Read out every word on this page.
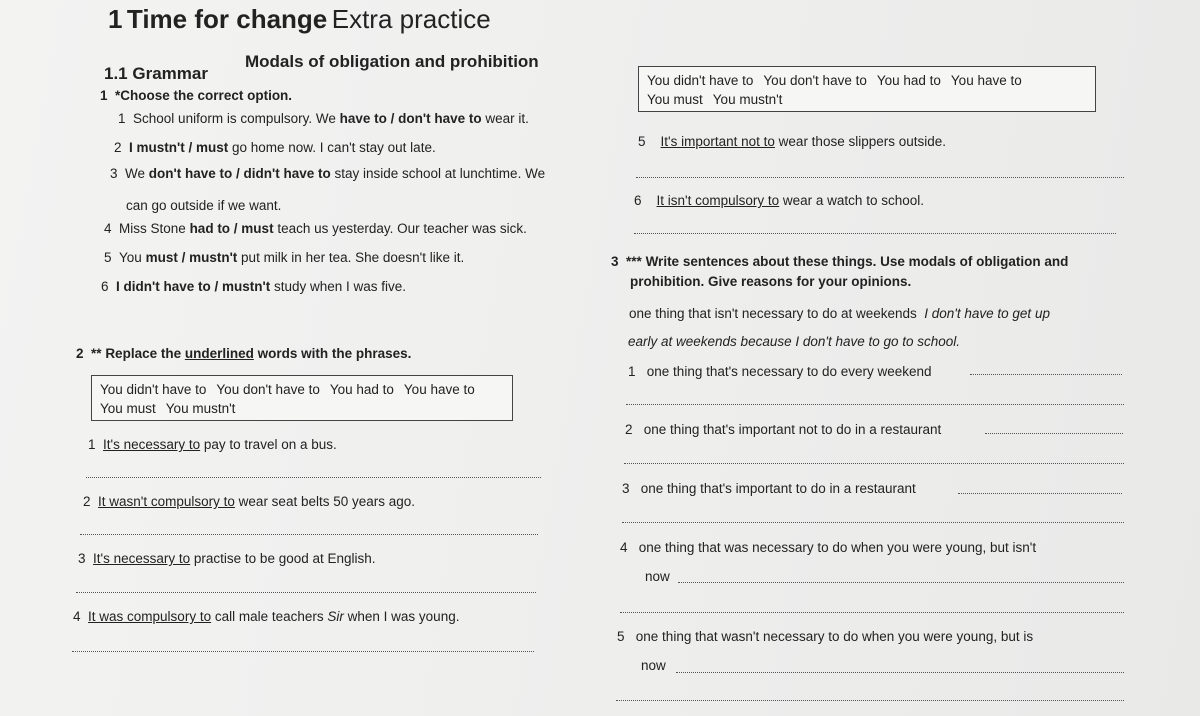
1 Time for change Extra practice
1.1 Grammar
Modals of obligation and prohibition
1 *Choose the correct option.
1 School uniform is compulsory. We have to / don't have to wear it.
2 I mustn't / must go home now. I can't stay out late.
3 We don't have to / didn't have to stay inside school at lunchtime. We
can go outside if we want.
4 Miss Stone had to / must teach us yesterday. Our teacher was sick.
5 You must / mustn't put milk in her tea. She doesn't like it.
6 I didn't have to / mustn't study when I was five.
2 ** Replace the underlined words with the phrases.
You didn't have to You don't have to You had to You have to
You must You mustn't
1 It's necessary to pay to travel on a bus.
2 It wasn't compulsory to wear seat belts 50 years ago.
3 It's necessary to practise to be good at English.
4 It was compulsory to call male teachers Sir when I was young.
You didn't have to You don't have to You had to You have to
You must You mustn't
5 It's important not to wear those slippers outside.
6 It isn't compulsory to wear a watch to school.
3 *** Write sentences about these things. Use modals of obligation and
prohibition. Give reasons for your opinions.
one thing that isn't necessary to do at weekends I don't have to get up
early at weekends because I don't have to go to school.
1 one thing that's necessary to do every weekend
2 one thing that's important not to do in a restaurant
3 one thing that's important to do in a restaurant
4 one thing that was necessary to do when you were young, but isn't
now
5 one thing that wasn't necessary to do when you were young, but is
now
